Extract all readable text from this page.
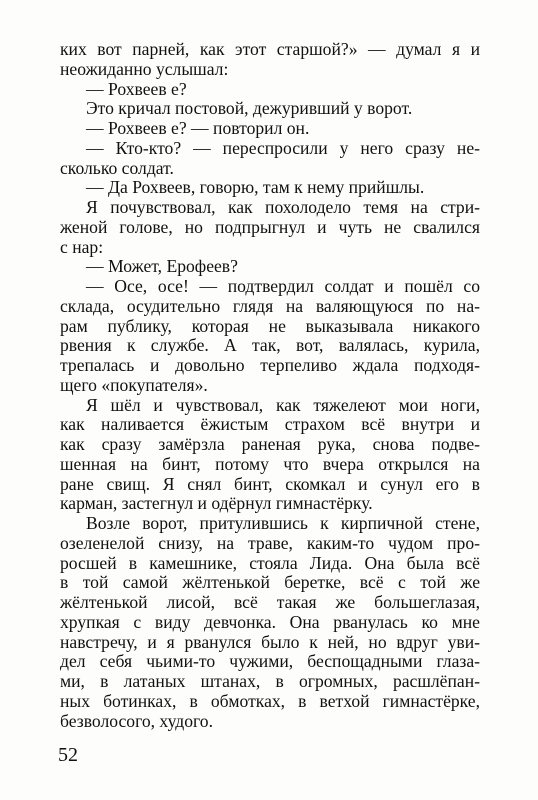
ких вот парней, как этот старшой?» — думал я и
неожиданно услышал:
— Рохвеев е?
Это кричал постовой, дежуривший у ворот.
— Рохвеев е? — повторил он.
— Кто-кто? — переспросили у него сразу не-
сколько солдат.
— Да Рохвеев, говорю, там к нему прийшлы.
Я почувствовал, как похолодело темя на стри-
женой голове, но подпрыгнул и чуть не свалился
с нар:
— Может, Ерофеев?
— Осе, осе! — подтвердил солдат и пошёл со
склада, осудительно глядя на валяющуюся по на-
рам публику, которая не выказывала никакого
рвения к службе. А так, вот, валялась, курила,
трепалась и довольно терпеливо ждала подходя-
щего «покупателя».
Я шёл и чувствовал, как тяжелеют мои ноги,
как наливается ёжистым страхом всё внутри и
как сразу замёрзла раненая рука, снова подве-
шенная на бинт, потому что вчера открылся на
ране свищ. Я снял бинт, скомкал и сунул его в
карман, застегнул и одёрнул гимнастёрку.
Возле ворот, притулившись к кирпичной стене,
озеленелой снизу, на траве, каким-то чудом про-
росшей в камешнике, стояла Лида. Она была всё
в той самой жёлтенькой беретке, всё с той же
жёлтенькой лисой, всё такая же большеглазая,
хрупкая с виду девчонка. Она рванулась ко мне
навстречу, и я рванулся было к ней, но вдруг уви-
дел себя чьими-то чужими, беспощадными глаза-
ми, в латаных штанах, в огромных, расшлёпан-
ных ботинках, в обмотках, в ветхой гимнастёрке,
безволосого, худого.
52
